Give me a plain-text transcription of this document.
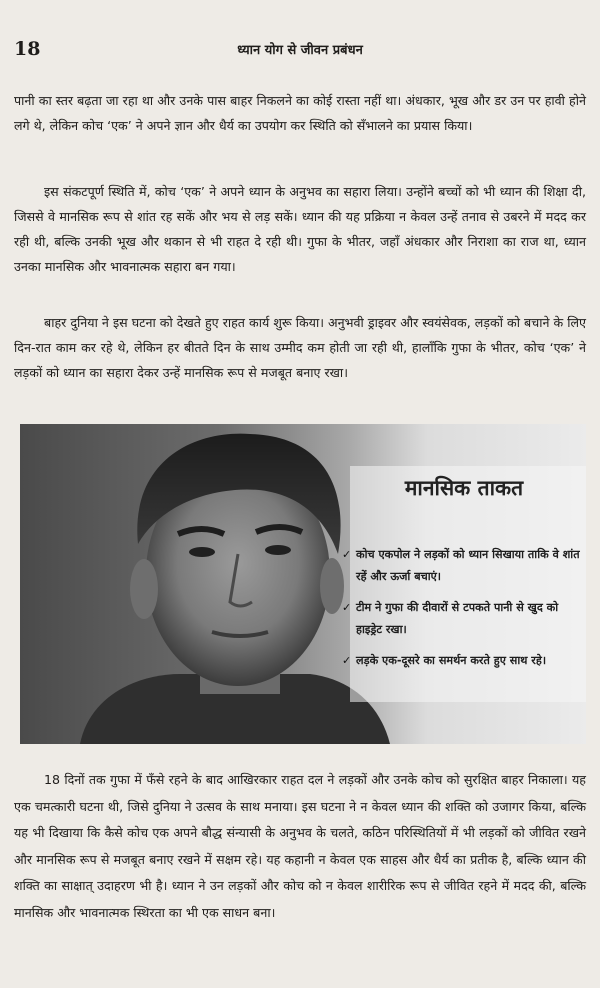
18	ध्यान योग से जीवन प्रबंधन

पानी का स्तर बढ़ता जा रहा था और उनके पास बाहर निकलने का कोई रास्ता नहीं था। अंधकार, भूख और डर उन पर हावी होने लगे थे, लेकिन कोच ‘एक’ ने अपने ज्ञान और धैर्य का उपयोग कर स्थिति को सँभालने का प्रयास किया।

इस संकटपूर्ण स्थिति में, कोच ‘एक’ ने अपने ध्यान के अनुभव का सहारा लिया। उन्होंने बच्चों को भी ध्यान की शिक्षा दी, जिससे वे मानसिक रूप से शांत रह सकें और भय से लड़ सकें। ध्यान की यह प्रक्रिया न केवल उन्हें तनाव से उबरने में मदद कर रही थी, बल्कि उनकी भूख और थकान से भी राहत दे रही थी। गुफा के भीतर, जहाँ अंधकार और निराशा का राज था, ध्यान उनका मानसिक और भावनात्मक सहारा बन गया।

बाहर दुनिया ने इस घटना को देखते हुए राहत कार्य शुरू किया। अनुभवी ड्राइवर और स्वयंसेवक, लड़कों को बचाने के लिए दिन-रात काम कर रहे थे, लेकिन हर बीतते दिन के साथ उम्मीद कम होती जा रही थी, हालाँकि गुफा के भीतर, कोच ‘एक’ ने लड़कों को ध्यान का सहारा देकर उन्हें मानसिक रूप से मजबूत बनाए रखा।

मानसिक ताकत
✓ कोच एकपोल ने लड़कों को ध्यान सिखाया ताकि वे शांत रहें और ऊर्जा बचाएं।
✓ टीम ने गुफा की दीवारों से टपकते पानी से खुद को हाइड्रेट रखा।
✓ लड़के एक-दूसरे का समर्थन करते हुए साथ रहे।

18 दिनों तक गुफा में फँसे रहने के बाद आखिरकार राहत दल ने लड़कों और उनके कोच को सुरक्षित बाहर निकाला। यह एक चमत्कारी घटना थी, जिसे दुनिया ने उत्सव के साथ मनाया। इस घटना ने न केवल ध्यान की शक्ति को उजागर किया, बल्कि यह भी दिखाया कि कैसे कोच एक अपने बौद्ध संन्यासी के अनुभव के चलते, कठिन परिस्थितियों में भी लड़कों को जीवित रखने और मानसिक रूप से मजबूत बनाए रखने में सक्षम रहे। यह कहानी न केवल एक साहस और धैर्य का प्रतीक है, बल्कि ध्यान की शक्ति का साक्षात् उदाहरण भी है। ध्यान ने उन लड़कों और कोच को न केवल शारीरिक रूप से जीवित रहने में मदद की, बल्कि मानसिक और भावनात्मक स्थिरता का भी एक साधन बना।
